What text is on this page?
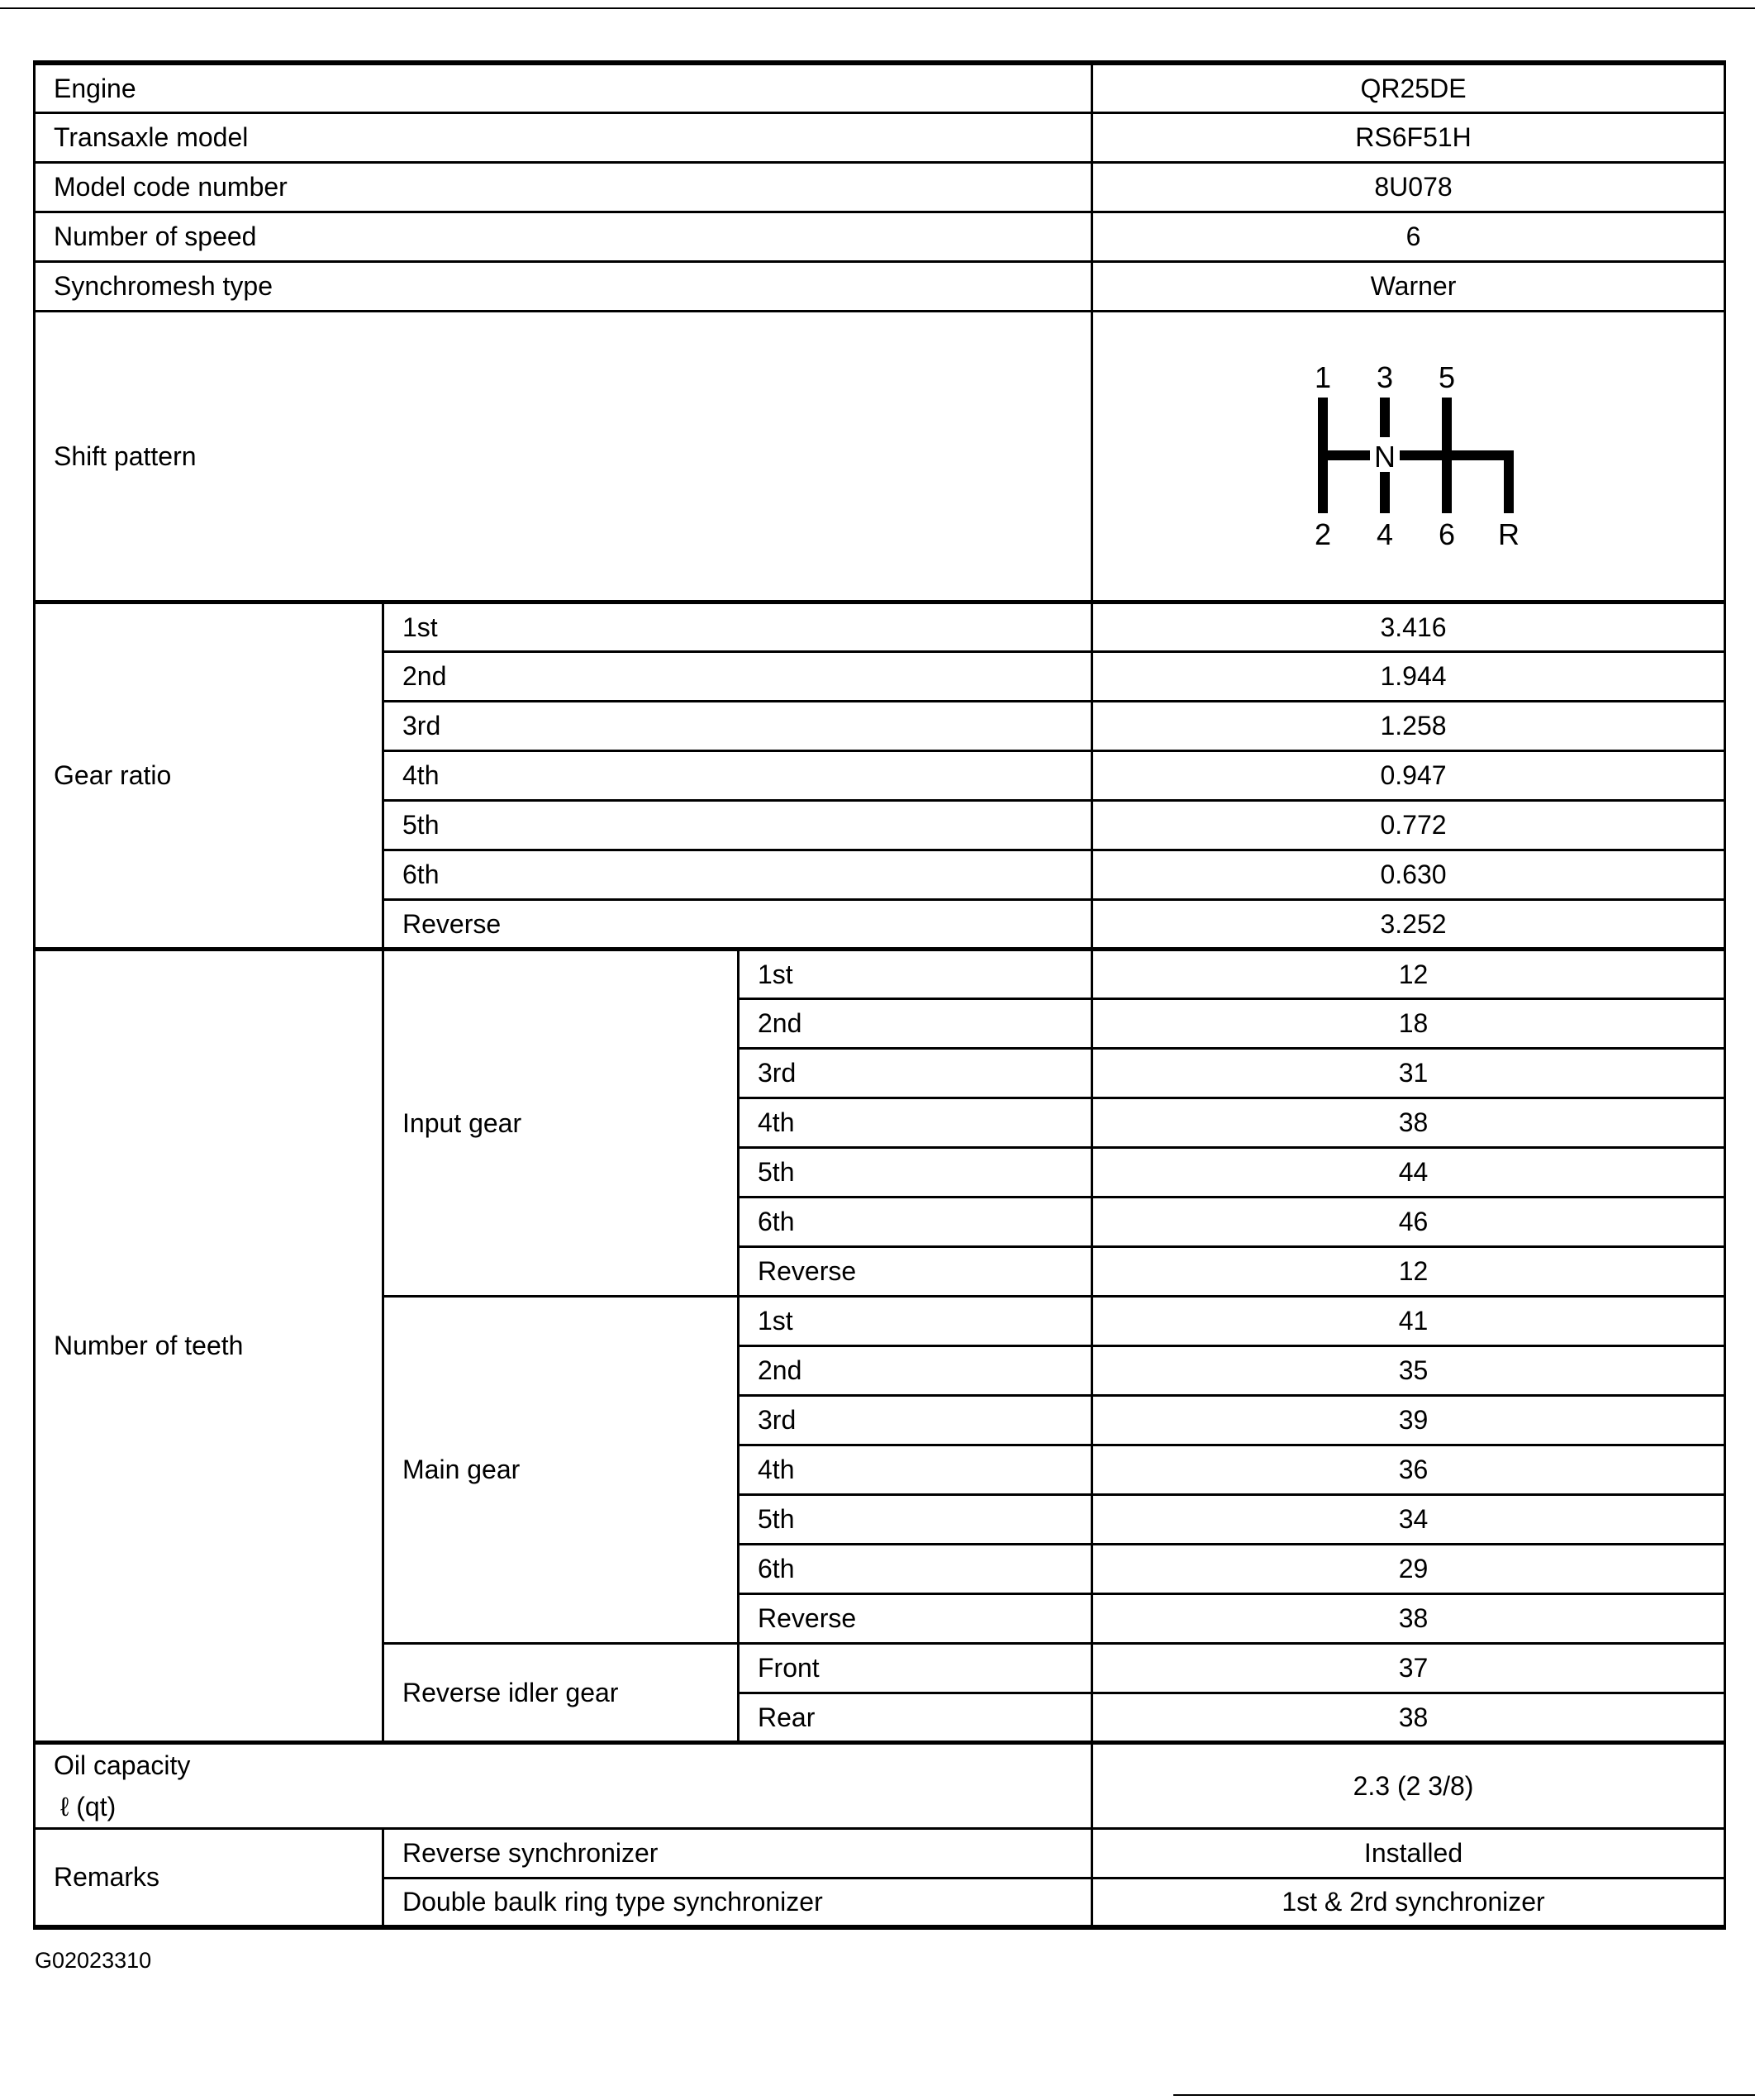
Engine			QR25DE
Transaxle model			RS6F51H
Model code number			8U078
Number of speed			6
Synchromesh type			Warner
Shift pattern	
1 3 5
N
2 4 6 R

Gear ratio	1st		3.416
	2nd		1.944
	3rd		1.258
	4th		0.947
	5th		0.772
	6th		0.630
	Reverse		3.252
Number of teeth	Input gear	1st	12
		2nd	18
		3rd	31
		4th	38
		5th	44
		6th	46
		Reverse	12
	Main gear	1st	41
		2nd	35
		3rd	39
		4th	36
		5th	34
		6th	29
		Reverse	38
	Reverse idler gear	Front	37
		Rear	38

Oil capacity
ℓ (qt)			2.3 (2 3/8)
Remarks	Reverse synchronizer		Installed
	Double baulk ring type synchronizer		1st & 2rd synchronizer
G02023310
